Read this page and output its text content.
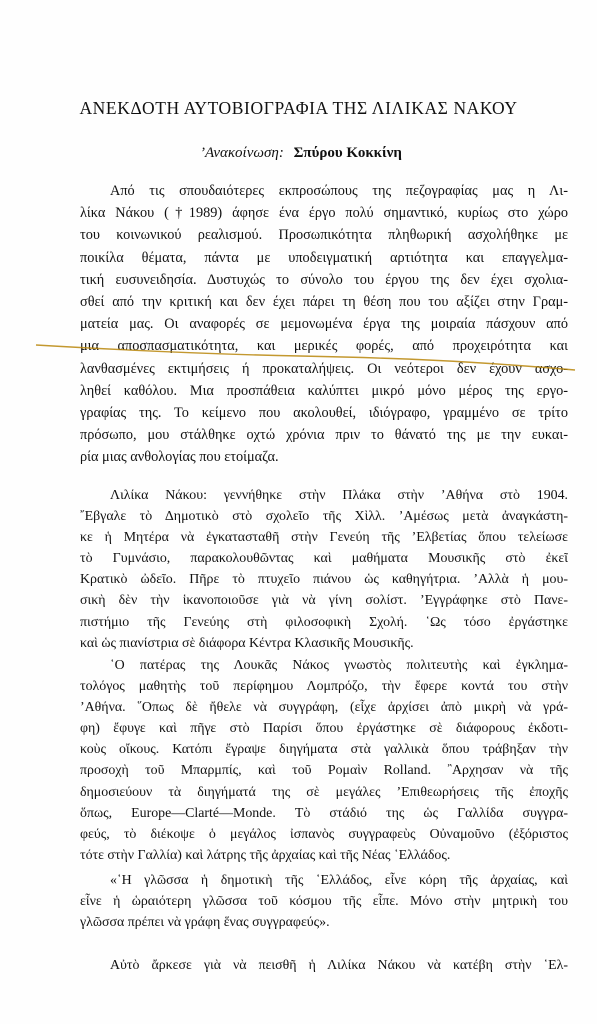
ΑΝΕΚΔΟΤΗ ΑΥΤΟΒΙΟΓΡΑΦΙΑ ΤΗΣ ΛΙΛΙΚΑΣ ΝΑΚΟΥ
’Ανακοίνωση: Σπύρου Κοκκίνη
Από τις σπουδαιότερες εκπροσώπους της πεζογραφίας μας η Λι-
λίκα Νάκου (†1989) άφησε ένα έργο πολύ σημαντικό, κυρίως στο χώρο
του κοινωνικού ρεαλισμού. Προσωπικότητα πληθωρική ασχολήθηκε με
ποικίλα θέματα, πάντα με υποδειγματική αρτιότητα και επαγγελμα-
τική ευσυνειδησία. Δυστυχώς το σύνολο του έργου της δεν έχει σχολια-
σθεί από την κριτική και δεν έχει πάρει τη θέση που του αξίζει στην Γραμ-
ματεία μας. Οι αναφορές σε μεμονωμένα έργα της μοιραία πάσχουν από
μια αποσπασματικότητα, και μερικές φορές, από προχειρότητα και
λανθασμένες εκτιμήσεις ή προκαταλήψεις. Οι νεότεροι δεν έχουν ασχο-
ληθεί καθόλου. Μια προσπάθεια καλύπτει μικρό μόνο μέρος της εργο-
γραφίας της. Το κείμενο που ακολουθεί, ιδιόγραφο, γραμμένο σε τρίτο
πρόσωπο, μου στάλθηκε οχτώ χρόνια πριν το θάνατό της με την ευκαι-
ρία μιας ανθολογίας που ετοίμαζα.
Λιλίκα Νάκου: γεννήθηκε στὴν Πλάκα στὴν ’Αθήνα στὸ 1904.
῎Εβγαλε τὸ Δημοτικὸ στὸ σχολεῖο τῆς Χὶλλ. ’Αμέσως μετὰ ἀναγκάστη-
κε ἡ Μητέρα νὰ ἐγκατασταθῆ στὴν Γενεύη τῆς ’Ελβετίας ὅπου τελείωσε
τὸ Γυμνάσιο, παρακολουθῶντας καὶ μαθήματα Μουσικῆς στὸ ἐκεῖ
Κρατικὸ ὠδεῖο. Πῆρε τὸ πτυχεῖο πιάνου ὡς καθηγήτρια. ’Αλλὰ ἡ μου-
σικὴ δὲν τὴν ἱκανοποιοῦσε γιὰ νὰ γίνη σολίστ. ’Εγγράφηκε στὸ Πανε-
πιστήμιο τῆς Γενεύης στὴ φιλοσοφικὴ Σχολή. ῾Ως τόσο ἐργάστηκε
καὶ ὡς πιανίστρια σὲ διάφορα Κέντρα Κλασικῆς Μουσικῆς.
῾Ο πατέρας της Λουκᾶς Νάκος γνωστὸς πολιτευτὴς καὶ ἐγκλημα-
τολόγος μαθητὴς τοῦ περίφημου Λομπρόζο, τὴν ἔφερε κοντά του στὴν
’Αθήνα. ῞Οπως δὲ ἤθελε νὰ συγγράφη, (εἶχε ἀρχίσει ἀπὸ μικρὴ νὰ γρά-
φη) ἔφυγε καὶ πῆγε στὸ Παρίσι ὅπου ἐργάστηκε σὲ διάφορους ἐκδοτι-
κοὺς οἴκους. Κατόπι ἔγραψε διηγήματα στὰ γαλλικὰ ὅπου τράβηξαν τὴν
προσοχὴ τοῦ Μπαρμπίς, καὶ τοῦ Ρομαὶν Rolland. ῍Αρχησαν νὰ τῆς
δημοσιεύουν τὰ διηγήματά της σὲ μεγάλες ’Επιθεωρήσεις τῆς ἐποχῆς
ὅπως, Europe—Clarté—Monde. Τὸ στάδιό της ὡς Γαλλίδα συγγρα-
φεύς, τὸ διέκοψε ὁ μεγάλος ἰσπανὸς συγγραφεὺς Οὐναμοῦνο (ἐξόριστος
τότε στὴν Γαλλία) καὶ λάτρης τῆς ἀρχαίας καὶ τῆς Νέας ῾Ελλάδος.
«῾Η γλῶσσα ἡ δημοτικὴ τῆς ῾Ελλάδος, εἶνε κόρη τῆς ἀρχαίας, καὶ
εἶνε ἡ ὡραιότερη γλῶσσα τοῦ κόσμου τῆς εἶπε. Μόνο στὴν μητρικὴ του
γλῶσσα πρέπει νὰ γράφη ἕνας συγγραφεύς».
Αὐτὸ ἄρκεσε γιὰ νὰ πεισθῆ ἡ Λιλίκα Νάκου νὰ κατέβη στὴν ῾Ελ-
